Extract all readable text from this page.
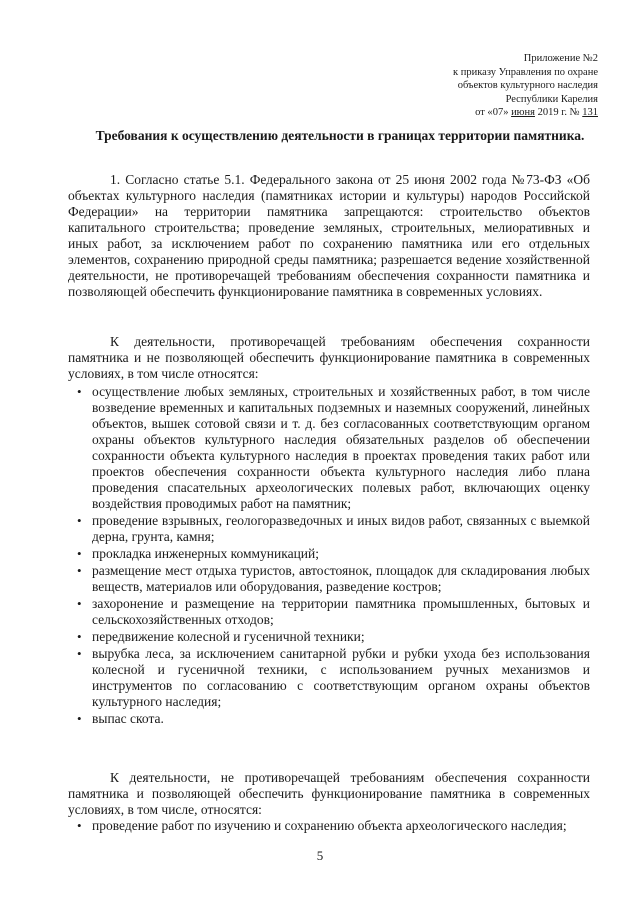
Приложение №2
к приказу Управления по охране
объектов культурного наследия
Республики Карелия
от «07» июня 2019 г. № 131
Требования к осуществлению деятельности в границах территории памятника.

1. Согласно статье 5.1. Федерального закона от 25 июня 2002 года №73-ФЗ «Об объектах культурного наследия (памятниках истории и культуры) народов Российской Федерации» на территории памятника запрещаются: строительство объектов капитального строительства; проведение земляных, строительных, мелиоративных и иных работ, за исключением работ по сохранению памятника или его отдельных элементов, сохранению природной среды памятника; разрешается ведение хозяйственной деятельности, не противоречащей требованиям обеспечения сохранности памятника и позволяющей обеспечить функционирование памятника в современных условиях.

К деятельности, противоречащей требованиям обеспечения сохранности памятника и не позволяющей обеспечить функционирование памятника в современных условиях, в том числе относятся:

• осуществление любых земляных, строительных и хозяйственных работ, в том числе возведение временных и капитальных подземных и наземных сооружений, линейных объектов, вышек сотовой связи и т. д. без согласованных соответствующим органом охраны объектов культурного наследия обязательных разделов об обеспечении сохранности объекта культурного наследия в проектах проведения таких работ или проектов обеспечения сохранности объекта культурного наследия либо плана проведения спасательных археологических полевых работ, включающих оценку воздействия проводимых работ на памятник;
• проведение взрывных, геологоразведочных и иных видов работ, связанных с выемкой дерна, грунта, камня;
• прокладка инженерных коммуникаций;
• размещение мест отдыха туристов, автостоянок, площадок для складирования любых веществ, материалов или оборудования, разведение костров;
• захоронение и размещение на территории памятника промышленных, бытовых и сельскохозяйственных отходов;
• передвижение колесной и гусеничной техники;
• вырубка леса, за исключением санитарной рубки и рубки ухода без использования колесной и гусеничной техники, с использованием ручных механизмов и инструментов по согласованию с соответствующим органом охраны объектов культурного наследия;
• выпас скота.

К деятельности, не противоречащей требованиям обеспечения сохранности памятника и позволяющей обеспечить функционирование памятника в современных условиях, в том числе, относятся:

• проведение работ по изучению и сохранению объекта археологического наследия;
5
